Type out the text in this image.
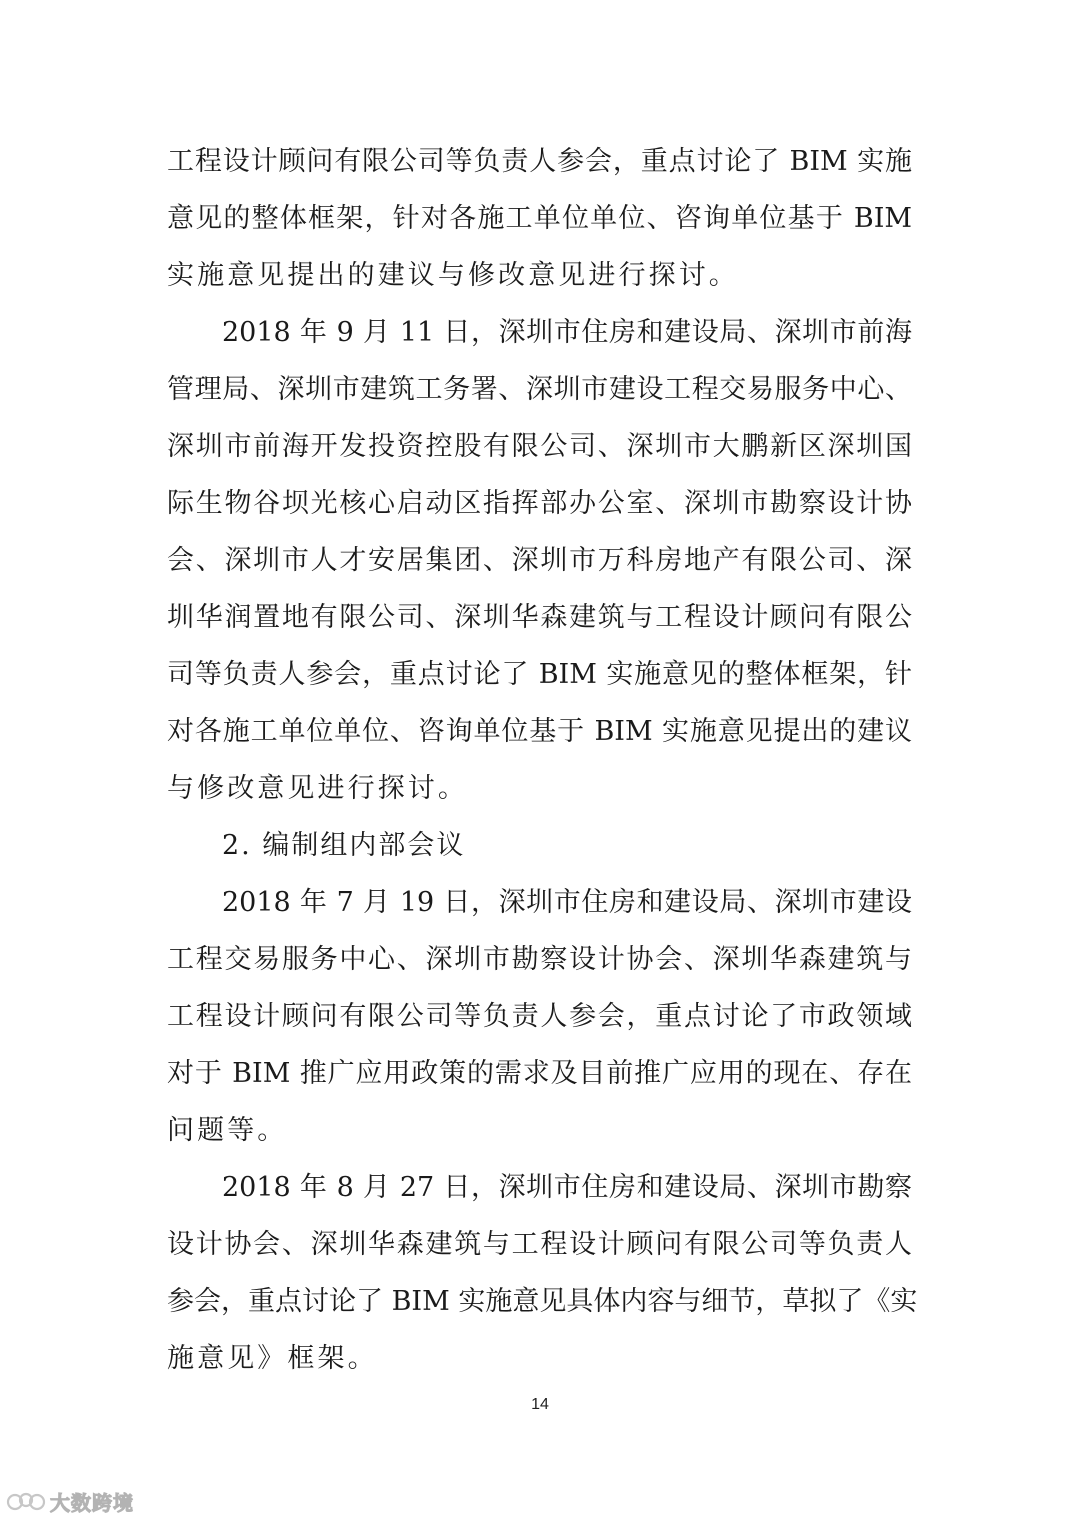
工程设计顾问有限公司等负责人参会，重点讨论了 BIM 实施
意见的整体框架，针对各施工单位单位、咨询单位基于 BIM
实施意见提出的建议与修改意见进行探讨。
2018 年 9 月 11 日，深圳市住房和建设局、深圳市前海
管理局、深圳市建筑工务署、深圳市建设工程交易服务中心、
深圳市前海开发投资控股有限公司、深圳市大鹏新区深圳国
际生物谷坝光核心启动区指挥部办公室、深圳市勘察设计协
会、深圳市人才安居集团、深圳市万科房地产有限公司、深
圳华润置地有限公司、深圳华森建筑与工程设计顾问有限公
司等负责人参会，重点讨论了 BIM 实施意见的整体框架，针
对各施工单位单位、咨询单位基于 BIM 实施意见提出的建议
与修改意见进行探讨。
2. 编制组内部会议
2018 年 7 月 19 日，深圳市住房和建设局、深圳市建设
工程交易服务中心、深圳市勘察设计协会、深圳华森建筑与
工程设计顾问有限公司等负责人参会，重点讨论了市政领域
对于 BIM 推广应用政策的需求及目前推广应用的现在、存在
问题等。
2018 年 8 月 27 日，深圳市住房和建设局、深圳市勘察
设计协会、深圳华森建筑与工程设计顾问有限公司等负责人
参会，重点讨论了 BIM 实施意见具体内容与细节，草拟了《实
施意见》框架。
14
大数跨境
